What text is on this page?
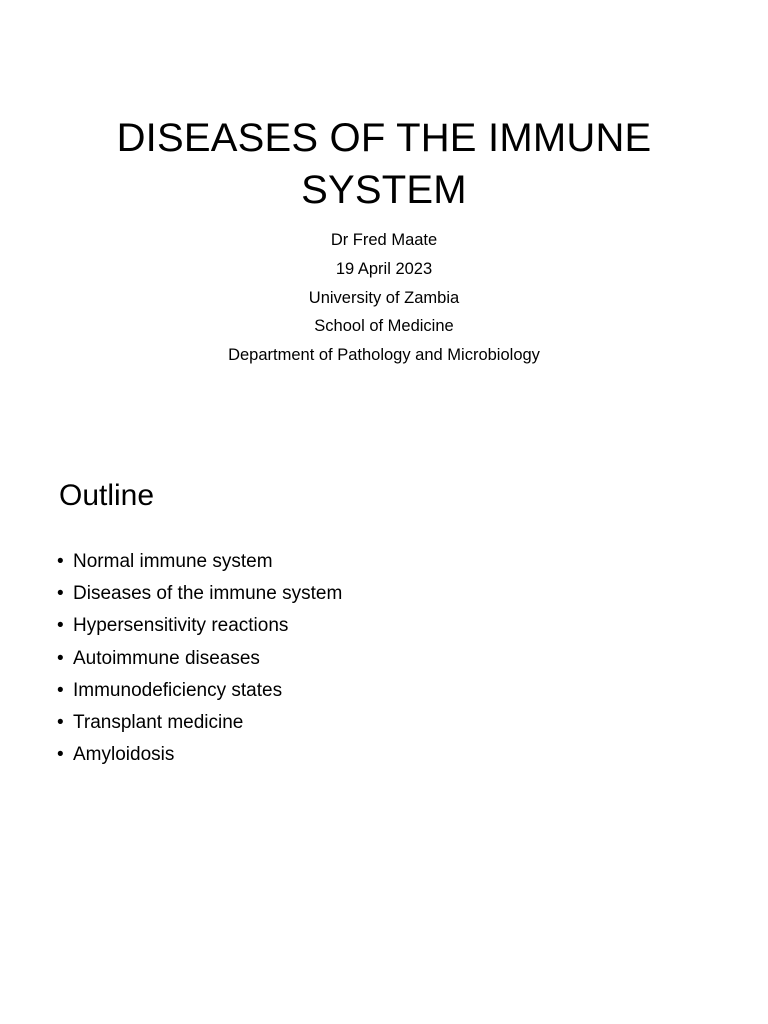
DISEASES OF THE IMMUNE SYSTEM
Dr Fred Maate
19 April 2023
University of Zambia
School of Medicine
Department of Pathology and Microbiology
Outline
• Normal immune system
• Diseases of the immune system
• Hypersensitivity reactions
• Autoimmune diseases
• Immunodeficiency states
• Transplant medicine
• Amyloidosis
